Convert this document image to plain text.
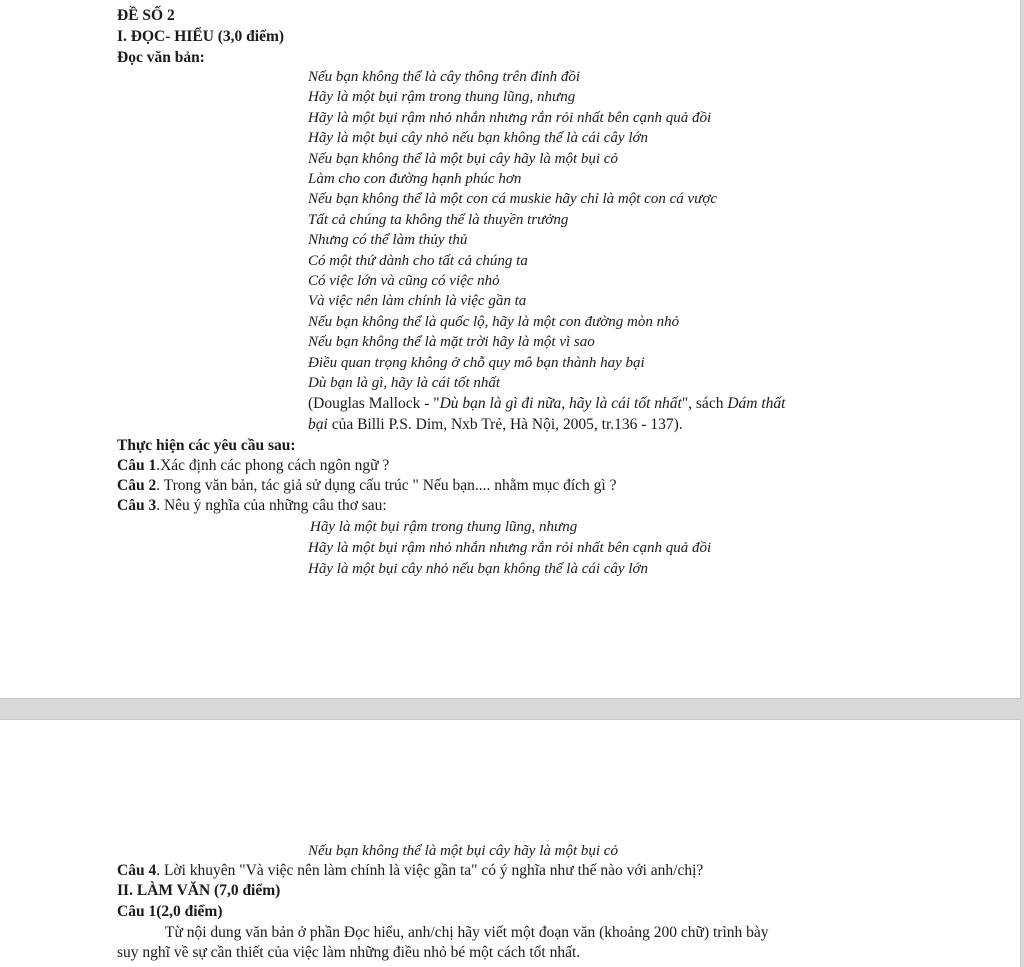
ĐỀ SỐ 2
I. ĐỌC- HIỂU (3,0 điểm)
Đọc văn bản:
Nếu bạn không thể là cây thông trên đỉnh đồi
Hãy là một bụi rậm trong thung lũng, nhưng
Hãy là một bụi rậm nhỏ nhắn nhưng rắn rỏi nhất bên cạnh quả đồi
Hãy là một bụi cây nhỏ nếu bạn không thể là cái cây lớn
Nếu bạn không thể là một bụi cây hãy là một bụi cỏ
Làm cho con đường hạnh phúc hơn
Nếu bạn không thể là một con cá muskie hãy chỉ là một con cá vược
Tất cả chúng ta không thể là thuyền trưởng
Nhưng có thể làm thủy thủ
Có một thứ dành cho tất cả chúng ta
Có việc lớn và cũng có việc nhỏ
Và việc nên làm chính là việc gần ta
Nếu bạn không thể là quốc lộ, hãy là một con đường mòn nhỏ
Nếu bạn không thể là mặt trời hãy là một vì sao
Điều quan trọng không ở chỗ quy mô bạn thành hay bại
Dù bạn là gì, hãy là cái tốt nhất
(Douglas Mallock - "Dù bạn là gì đi nữa, hãy là cái tốt nhất", sách Dám thất
bại của Billi P.S. Dim, Nxb Trẻ, Hà Nội, 2005, tr.136 - 137).
Thực hiện các yêu cầu sau:
Câu 1.Xác định các phong cách ngôn ngữ ?
Câu 2. Trong văn bản, tác giả sử dụng cấu trúc " Nếu bạn.... nhằm mục đích gì ?
Câu 3. Nêu ý nghĩa của những câu thơ sau:
Hãy là một bụi rậm trong thung lũng, nhưng
Hãy là một bụi rậm nhỏ nhắn nhưng rắn rỏi nhất bên cạnh quả đồi
Hãy là một bụi cây nhỏ nếu bạn không thể là cái cây lớn
Nếu bạn không thể là một bụi cây hãy là một bụi cỏ
Câu 4. Lời khuyên "Và việc nên làm chính là việc gần ta" có ý nghĩa như thế nào với anh/chị?
II. LÀM VĂN (7,0 điểm)
Câu 1(2,0 điểm)
Từ nội dung văn bản ở phần Đọc hiểu, anh/chị hãy viết một đoạn văn (khoảng 200 chữ) trình bày
suy nghĩ về sự cần thiết của việc làm những điều nhỏ bé một cách tốt nhất.
